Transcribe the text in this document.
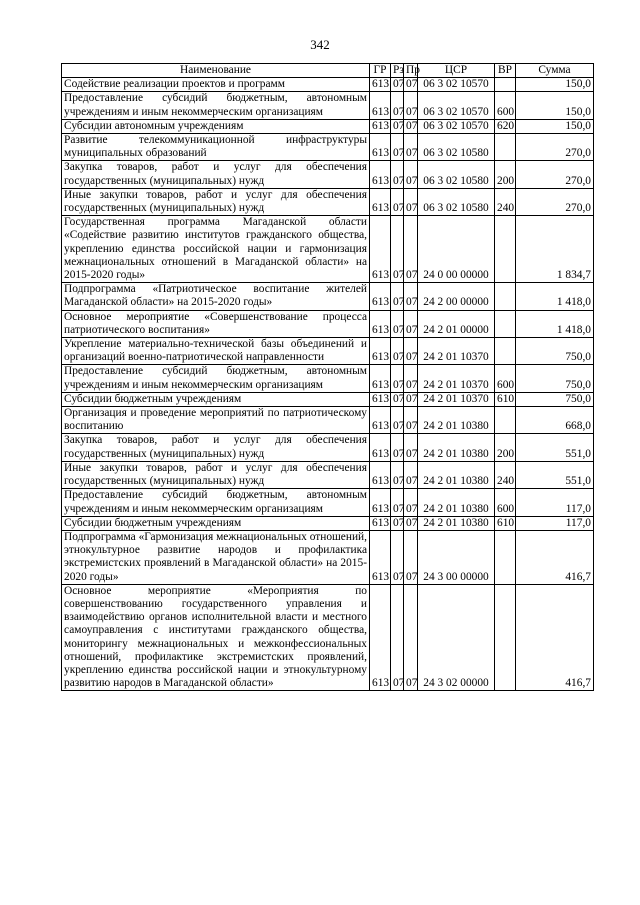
342
Наименование	ГР	Рз	Пр	ЦСР	ВР	Сумма
Содействие реализации проектов и программ	613	07	07	06 3 02 10570		150,0
Предоставление субсидий бюджетным, автономным учреждениям и иным некоммерческим организациям	613	07	07	06 3 02 10570	600	150,0
Субсидии автономным учреждениям	613	07	07	06 3 02 10570	620	150,0
Развитие телекоммуникационной инфраструктуры муниципальных образований	613	07	07	06 3 02 10580		270,0
Закупка товаров, работ и услуг для обеспечения государственных (муниципальных) нужд	613	07	07	06 3 02 10580	200	270,0
Иные закупки товаров, работ и услуг для обеспечения государственных (муниципальных) нужд	613	07	07	06 3 02 10580	240	270,0
Государственная программа Магаданской области «Содействие развитию институтов гражданского общества, укреплению единства российской нации и гармонизация межнациональных отношений в Магаданской области» на 2015-2020 годы»	613	07	07	24 0 00 00000		1 834,7
Подпрограмма «Патриотическое воспитание жителей Магаданской области» на 2015-2020 годы»	613	07	07	24 2 00 00000		1 418,0
Основное мероприятие «Совершенствование процесса патриотического воспитания»	613	07	07	24 2 01 00000		1 418,0
Укрепление материально-технической базы объединений и организаций военно-патриотической направленности	613	07	07	24 2 01 10370		750,0
Предоставление субсидий бюджетным, автономным учреждениям и иным некоммерческим организациям	613	07	07	24 2 01 10370	600	750,0
Субсидии бюджетным учреждениям	613	07	07	24 2 01 10370	610	750,0
Организация и проведение мероприятий по патриотическому воспитанию	613	07	07	24 2 01 10380		668,0
Закупка товаров, работ и услуг для обеспечения государственных (муниципальных) нужд	613	07	07	24 2 01 10380	200	551,0
Иные закупки товаров, работ и услуг для обеспечения государственных (муниципальных) нужд	613	07	07	24 2 01 10380	240	551,0
Предоставление субсидий бюджетным, автономным учреждениям и иным некоммерческим организациям	613	07	07	24 2 01 10380	600	117,0
Субсидии бюджетным учреждениям	613	07	07	24 2 01 10380	610	117,0
Подпрограмма «Гармонизация межнациональных отношений, этнокультурное развитие народов и профилактика экстремистских проявлений в Магаданской области» на 2015-2020 годы»	613	07	07	24 3 00 00000		416,7
Основное мероприятие «Мероприятия по совершенствованию государственного управления и взаимодействию органов исполнительной власти и местного самоуправления с институтами гражданского общества, мониторингу межнациональных и межконфессиональных отношений, профилактике экстремистских проявлений, укреплению единства российской нации и этнокультурному развитию народов в Магаданской области»	613	07	07	24 3 02 00000		416,7
